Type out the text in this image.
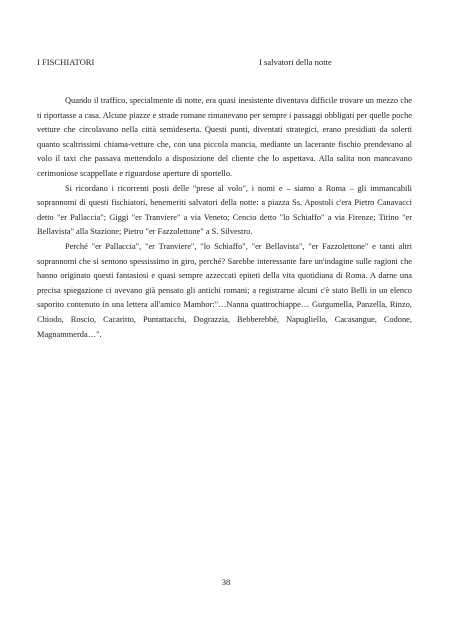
I FISCHIATORI	I salvatori della notte

Quando il traffico, specialmente di notte, era quasi inesistente diventava difficile trovare un mezzo che ti riportasse a casa. Alcune piazze e strade romane rimanevano per sempre i passaggi obbligati per quelle poche vetture che circolavano nella città semideserta. Questi punti, diventati strategici, erano presidiati da solerti quanto scaltrissimi chiama-vetture che, con una piccola mancia, mediante un lacerante fischio prendevano al volo il taxi che passava mettendolo a disposizione del cliente che lo aspettava. Alla salita non mancavano cerimoniose scappellate e riguardose aperture di sportello.

Si ricordano i ricorrenti posti delle "prese al volo", i nomi e – siamo a Roma – gli immancabili soprannomi di questi fischiatori, benemeriti salvatori della notte: a piazza Ss. Apostoli c'era Pietro Canavacci detto "er Pallaccia"; Giggi "er Tranviere" a via Veneto; Cencio detto "lo Schiaffo" a via Firenze; Titino "er Bellavista" alla Stazione; Pietro "er Fazzolettone" a S. Silvestro.

Perché "er Pallaccia", "er Tranviere", "lo Schiaffo", "er Bellavista", "er Fazzolettone" e tanti altri soprannomi che si sentono spessissimo in giro, perché? Sarebbe interessante fare un'indagine sulle ragioni che hanno originato questi fantasiosi e quasi sempre azzeccati epiteti della vita quotidiana di Roma. A darne una precisa spiegazione ci avevano già pensato gli antichi romani; a registrarne alcuni c'è stato Belli in un elenco saporito contenuto in una lettera all'amico Mambor:"…Nanna quattrochiappe… Gurgumella, Panzella, Rinzo, Chiodo, Roscio, Cacaritto, Puntattacchi, Dograzzia, Bebberebbè, Napugliello, Cacasangue, Codone, Magnammerda…".

38
